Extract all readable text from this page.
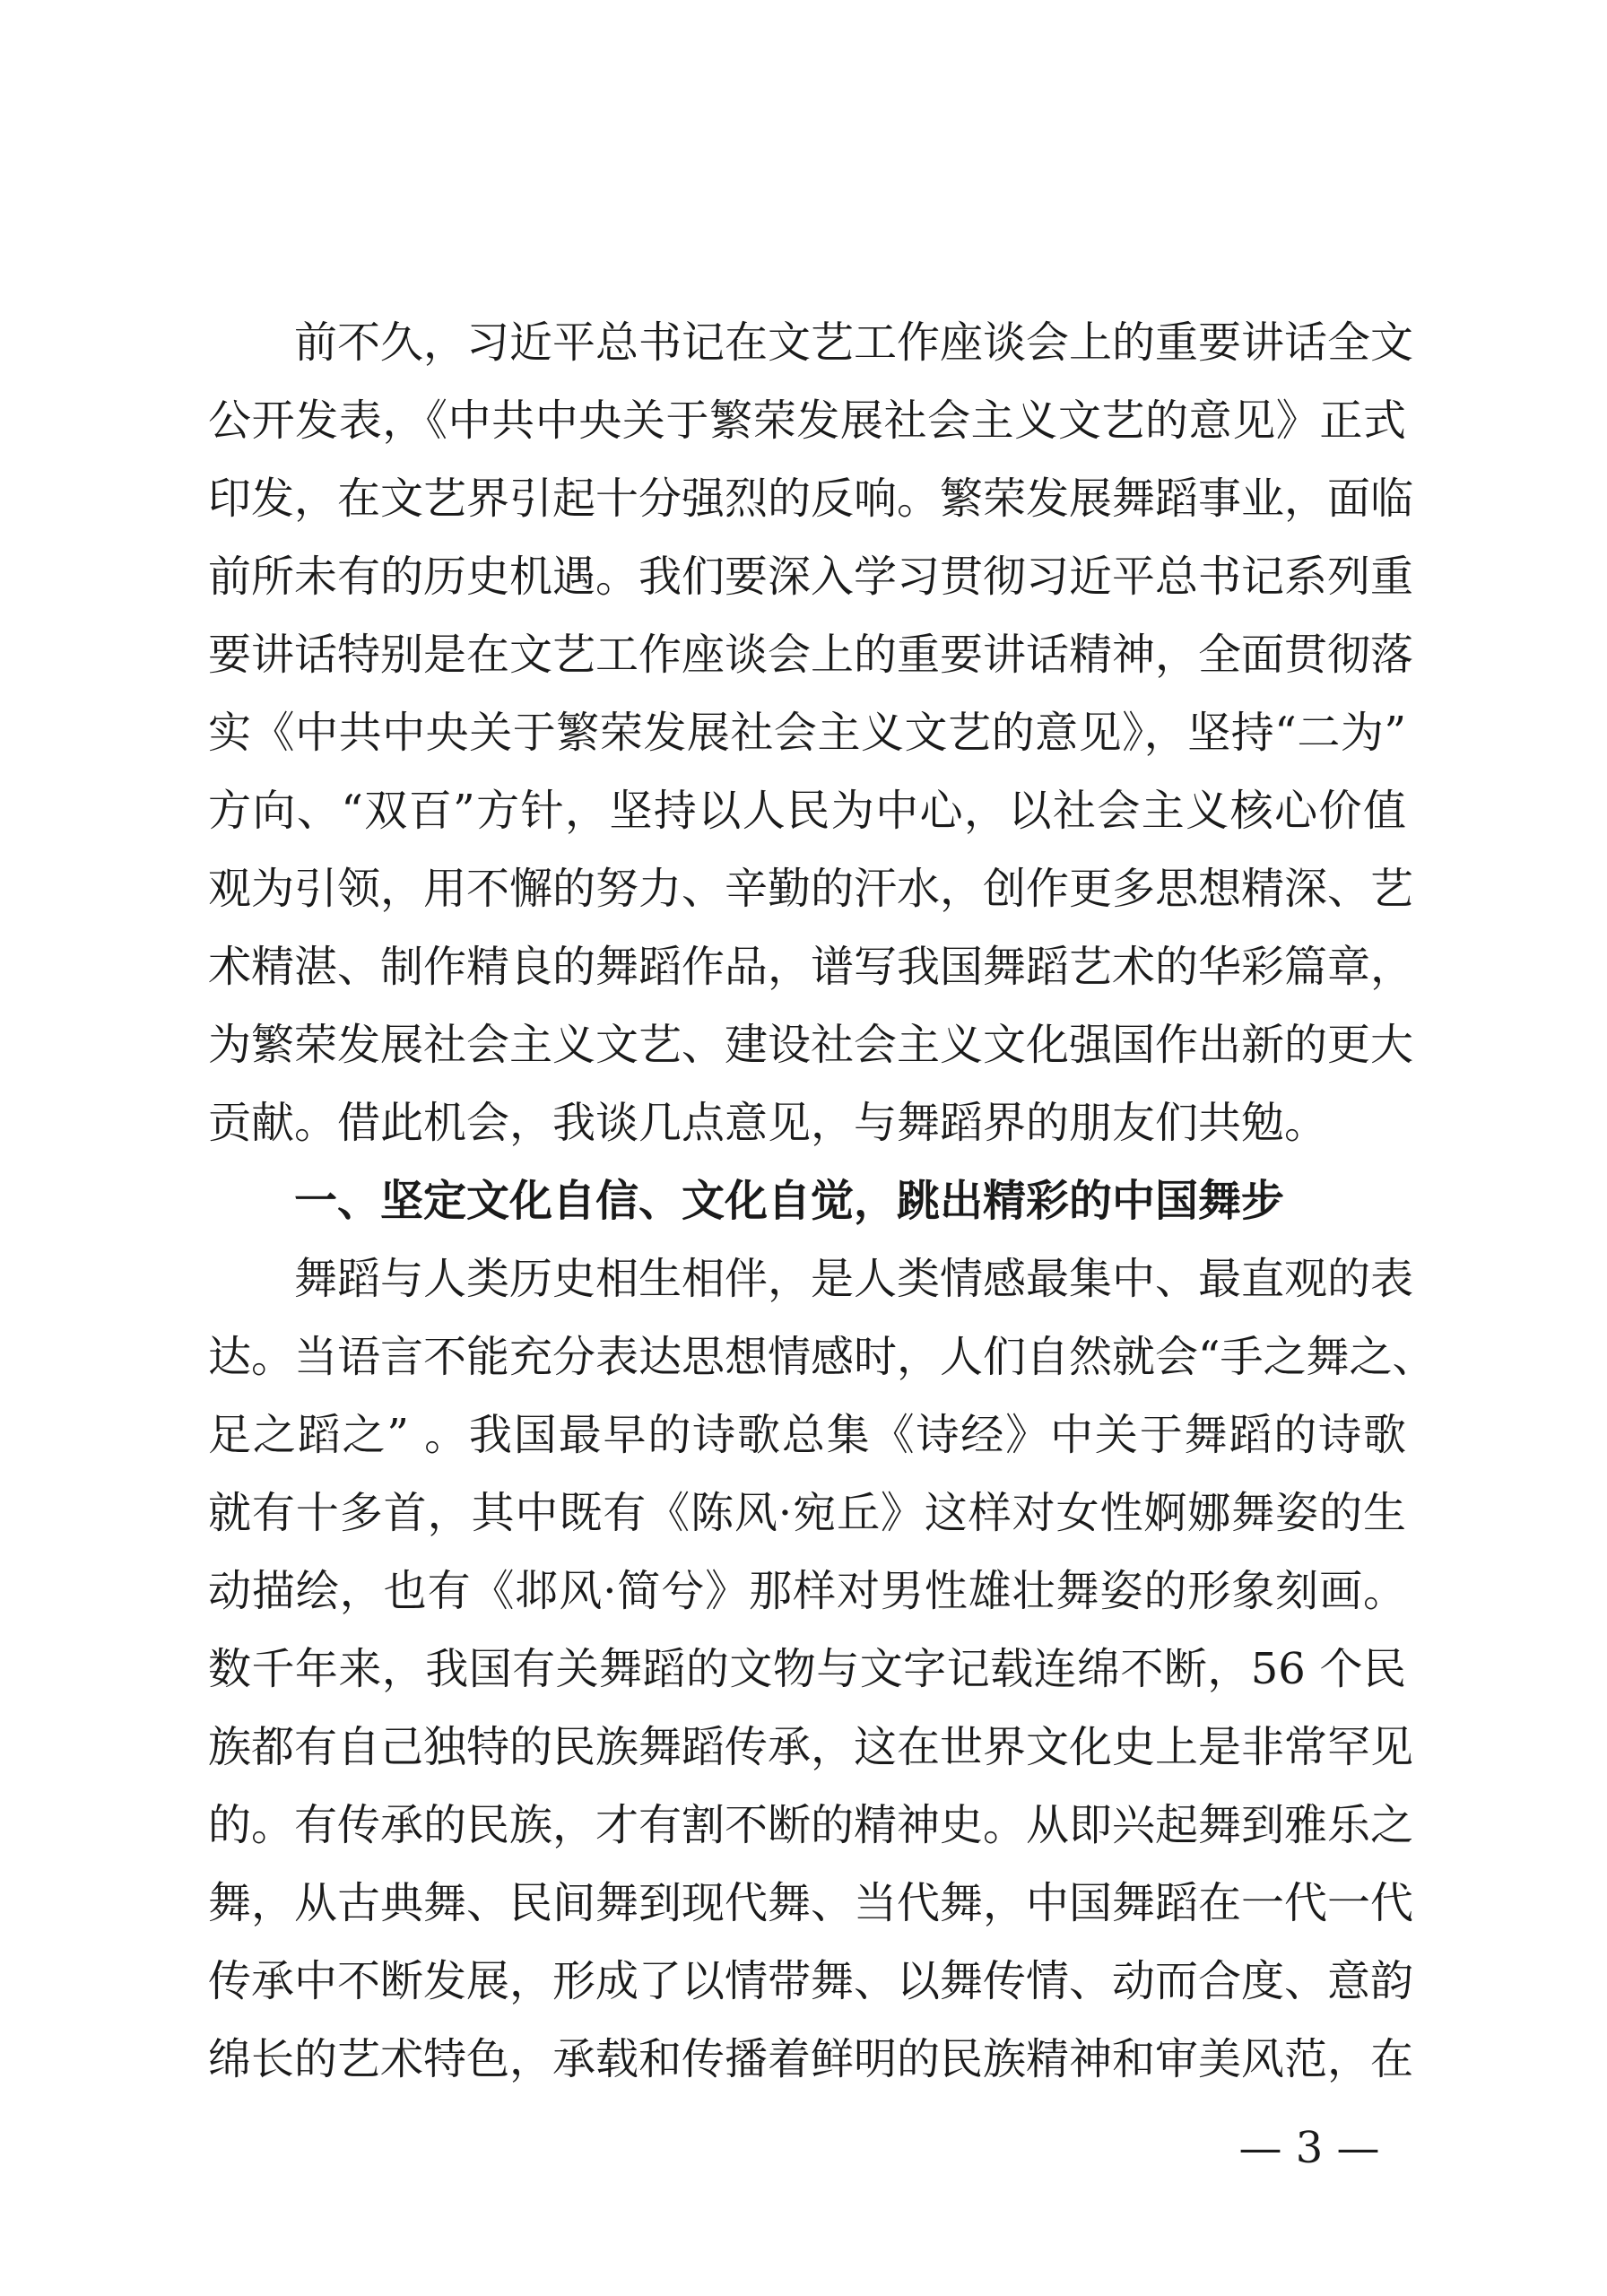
前不久，习近平总书记在文艺工作座谈会上的重要讲话全文
公开发表，《中共中央关于繁荣发展社会主义文艺的意见》正式
印发，在文艺界引起十分强烈的反响。繁荣发展舞蹈事业，面临
前所未有的历史机遇。我们要深入学习贯彻习近平总书记系列重
要讲话特别是在文艺工作座谈会上的重要讲话精神，全面贯彻落
实《中共中央关于繁荣发展社会主义文艺的意见》，坚持“二为”
方向、“双百”方针，坚持以人民为中心，以社会主义核心价值
观为引领，用不懈的努力、辛勤的汗水，创作更多思想精深、艺
术精湛、制作精良的舞蹈作品，谱写我国舞蹈艺术的华彩篇章，
为繁荣发展社会主义文艺、建设社会主义文化强国作出新的更大
贡献。借此机会，我谈几点意见，与舞蹈界的朋友们共勉。
一、坚定文化自信、文化自觉，跳出精彩的中国舞步
舞蹈与人类历史相生相伴，是人类情感最集中、最直观的表
达。当语言不能充分表达思想情感时，人们自然就会“手之舞之、
足之蹈之” 。我国最早的诗歌总集《诗经》中关于舞蹈的诗歌
就有十多首，其中既有《陈风·宛丘》这样对女性婀娜舞姿的生
动描绘，也有《邶风·简兮》那样对男性雄壮舞姿的形象刻画。
数千年来，我国有关舞蹈的文物与文字记载连绵不断，56 个民
族都有自己独特的民族舞蹈传承，这在世界文化史上是非常罕见
的。有传承的民族，才有割不断的精神史。从即兴起舞到雅乐之
舞，从古典舞、民间舞到现代舞、当代舞，中国舞蹈在一代一代
传承中不断发展，形成了以情带舞、以舞传情、动而合度、意韵
绵长的艺术特色，承载和传播着鲜明的民族精神和审美风范，在
— 3 —
